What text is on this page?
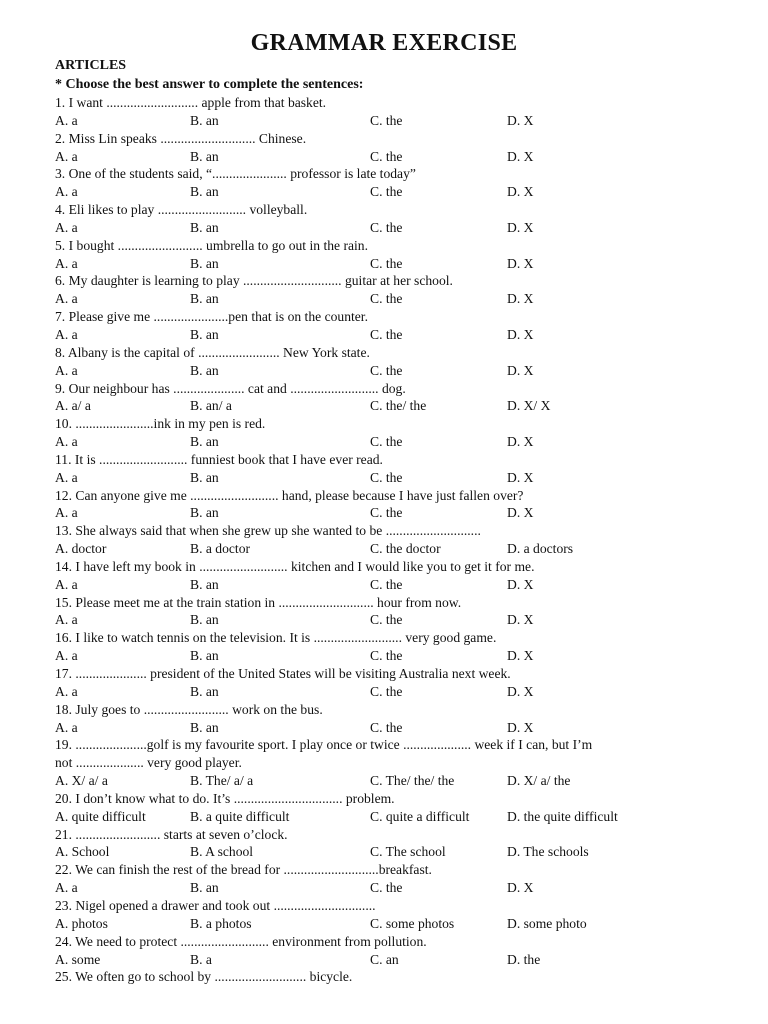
GRAMMAR EXERCISE
ARTICLES
* Choose the best answer to complete the sentences:
1. I want ........................... apple from that basket.
A. a	B. an	C. the	D. X
2. Miss Lin speaks ............................ Chinese.
A. a	B. an	C. the	D. X
3. One of the students said, “...................... professor is late today”
A. a	B. an	C. the	D. X
4. Eli likes to play .......................... volleyball.
A. a	B. an	C. the	D. X
5. I bought ......................... umbrella to go out in the rain.
A. a	B. an	C. the	D. X
6. My daughter is learning to play ............................. guitar at her school.
A. a	B. an	C. the	D. X
7. Please give me ......................pen that is on the counter.
A. a	B. an	C. the	D. X
8. Albany is the capital of ........................ New York state.
A. a	B. an	C. the	D. X
9. Our neighbour has ..................... cat and .......................... dog.
A. a/ a	B. an/ a	C. the/ the	D. X/ X
10. .......................ink in my pen is red.
A. a	B. an	C. the	D. X
11. It is .......................... funniest book that I have ever read.
A. a	B. an	C. the	D. X
12. Can anyone give me .......................... hand, please because I have just fallen over?
A. a	B. an	C. the	D. X
13. She always said that when she grew up she wanted to be ............................
A. doctor	B. a doctor	C. the doctor	D. a doctors
14. I have left my book in .......................... kitchen and I would like you to get it for me.
A. a	B. an	C. the	D. X
15. Please meet me at the train station in ............................ hour from now.
A. a	B. an	C. the	D. X
16. I like to watch tennis on the television. It is .......................... very good game.
A. a	B. an	C. the	D. X
17. ..................... president of the United States will be visiting Australia next week.
A. a	B. an	C. the	D. X
18. July goes to ......................... work on the bus.
A. a	B. an	C. the	D. X
19. .....................golf is my favourite sport. I play once or twice .................... week if I can, but I’m
not .................... very good player.
A. X/ a/ a	B. The/ a/ a	C. The/ the/ the	D. X/ a/ the
20. I don’t know what to do. It’s ................................ problem.
A. quite difficult	B. a quite difficult	C. quite a difficult	D. the quite difficult
21. ......................... starts at seven o’clock.
A. School	B. A school	C. The school	D. The schools
22. We can finish the rest of the bread for ............................breakfast.
A. a	B. an	C. the	D. X
23. Nigel opened a drawer and took out ..............................
A. photos	B. a photos	C. some photos	D. some photo
24. We need to protect .......................... environment from pollution.
A. some	B. a	C. an	D. the
25. We often go to school by ........................... bicycle.
